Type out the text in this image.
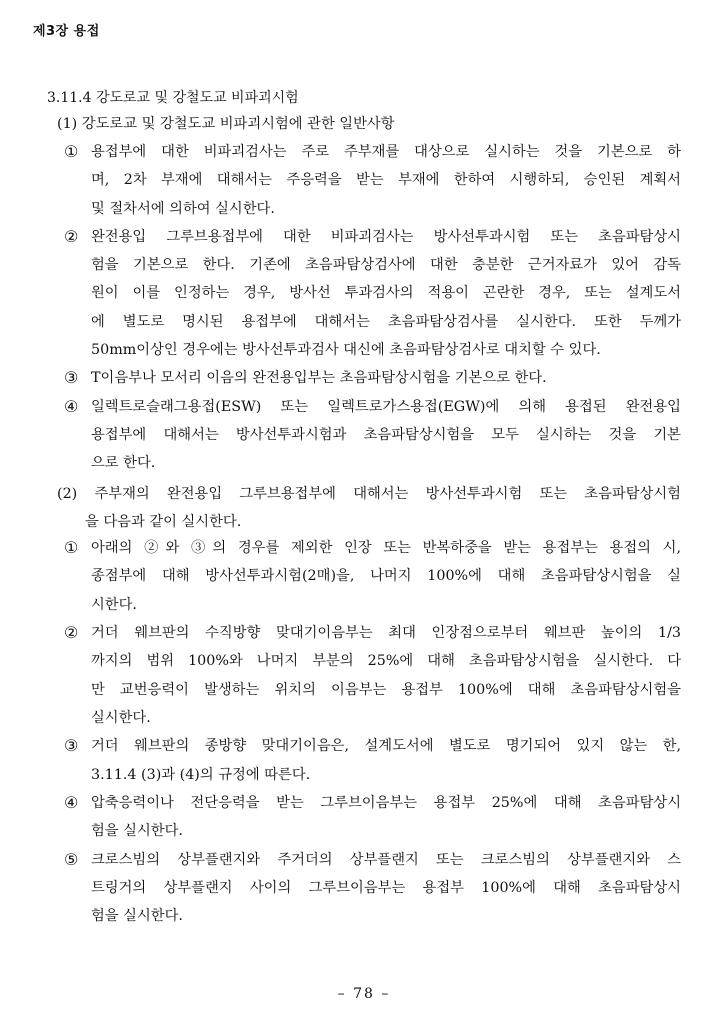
제3장 용접
3.11.4 강도로교 및 강철도교 비파괴시험
(1) 강도로교 및 강철도교 비파괴시험에 관한 일반사항
① 용접부에 대한 비파괴검사는 주로 주부재를 대상으로 실시하는 것을 기본으로 하
며, 2차 부재에 대해서는 주응력을 받는 부재에 한하여 시행하되, 승인된 계획서
및 절차서에 의하여 실시한다.
② 완전용입 그루브용접부에 대한 비파괴검사는 방사선투과시험 또는 초음파탐상시
험을 기본으로 한다. 기존에 초음파탐상검사에 대한 충분한 근거자료가 있어 감독
원이 이를 인정하는 경우, 방사선 투과검사의 적용이 곤란한 경우, 또는 설계도서
에 별도로 명시된 용접부에 대해서는 초음파탐상검사를 실시한다. 또한 두께가
50mm이상인 경우에는 방사선투과검사 대신에 초음파탐상검사로 대치할 수 있다.
③ T이음부나 모서리 이음의 완전용입부는 초음파탐상시험을 기본으로 한다.
④ 일렉트로슬래그용접(ESW) 또는 일렉트로가스용접(EGW)에 의해 용접된 완전용입
용접부에 대해서는 방사선투과시험과 초음파탐상시험을 모두 실시하는 것을 기본
으로 한다.
(2) 주부재의 완전용입 그루브용접부에 대해서는 방사선투과시험 또는 초음파탐상시험
을 다음과 같이 실시한다.
① 아래의 ②와 ③의 경우를 제외한 인장 또는 반복하중을 받는 용접부는 용접의 시,
종점부에 대해 방사선투과시험(2매)을, 나머지 100%에 대해 초음파탐상시험을 실
시한다.
② 거더 웨브판의 수직방향 맞대기이음부는 최대 인장점으로부터 웨브판 높이의 1/3
까지의 범위 100%와 나머지 부분의 25%에 대해 초음파탐상시험을 실시한다. 다
만 교번응력이 발생하는 위치의 이음부는 용접부 100%에 대해 초음파탐상시험을
실시한다.
③ 거더 웨브판의 종방향 맞대기이음은, 설계도서에 별도로 명기되어 있지 않는 한,
3.11.4 (3)과 (4)의 규정에 따른다.
④ 압축응력이나 전단응력을 받는 그루브이음부는 용접부 25%에 대해 초음파탐상시
험을 실시한다.
⑤ 크로스빔의 상부플랜지와 주거더의 상부플랜지 또는 크로스빔의 상부플랜지와 스
트링거의 상부플랜지 사이의 그루브이음부는 용접부 100%에 대해 초음파탐상시
험을 실시한다.
– 78 –
